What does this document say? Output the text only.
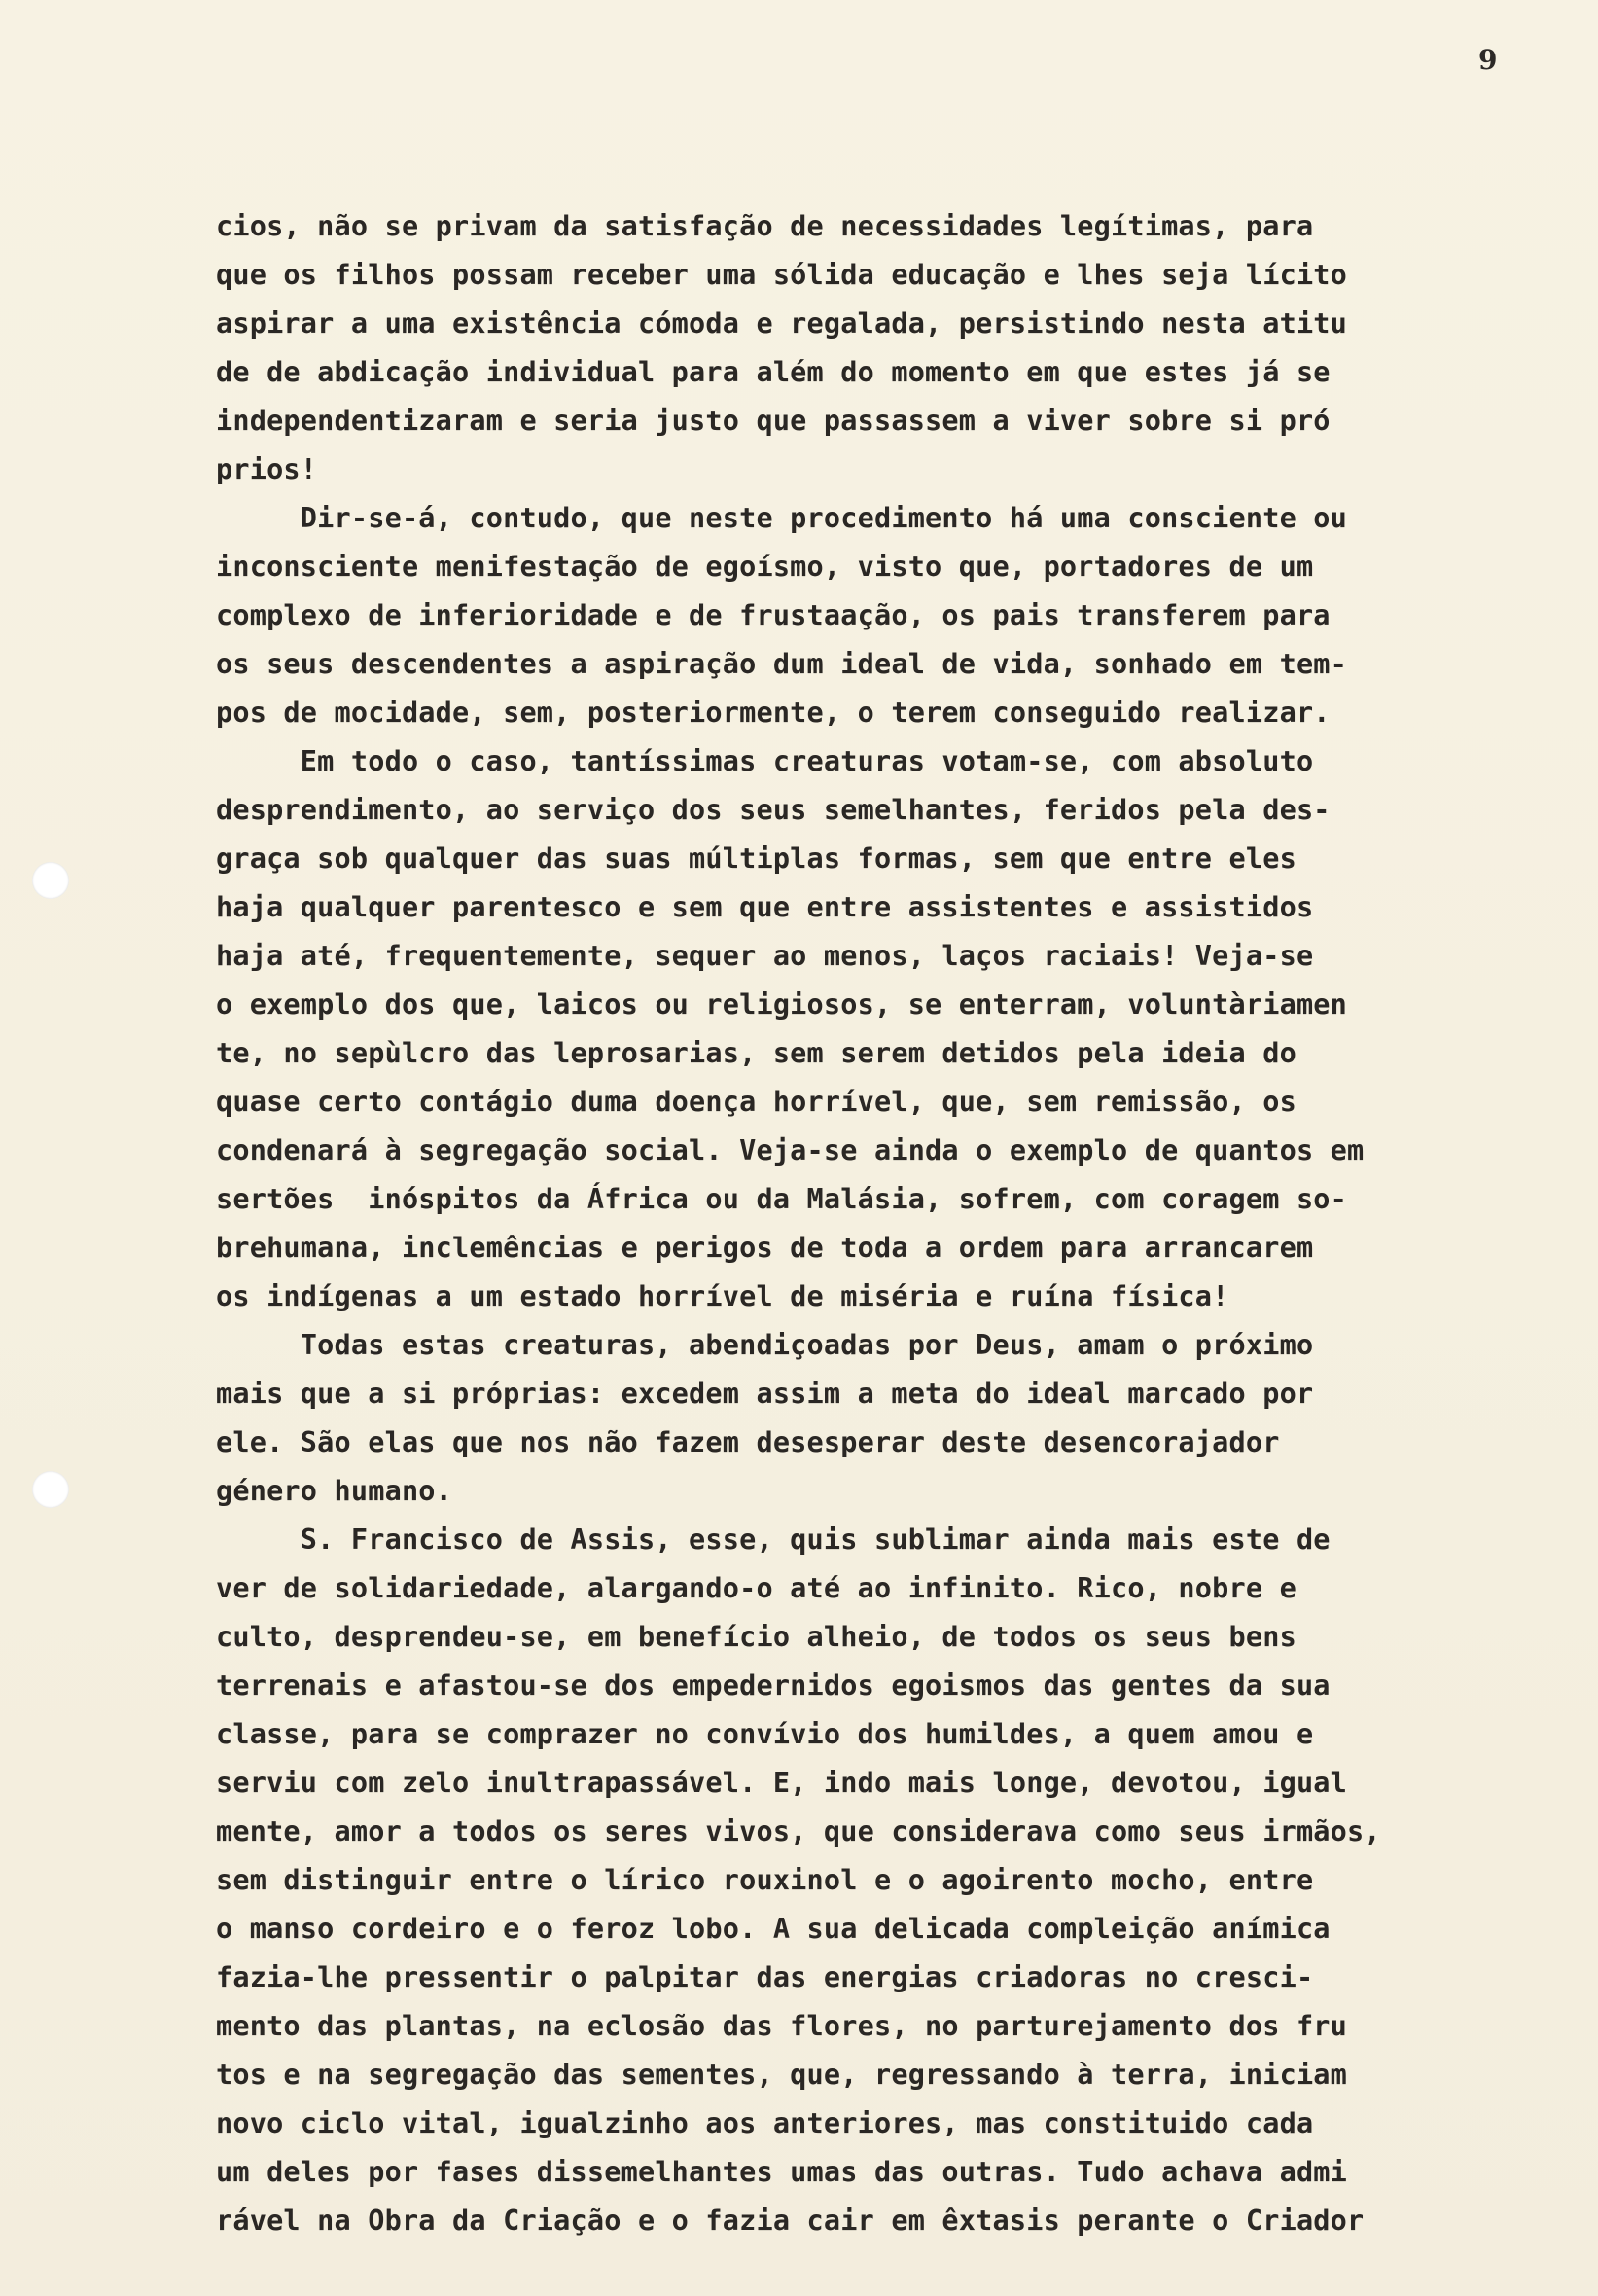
9
cios, não se privam da satisfação de necessidades legítimas, para
que os filhos possam receber uma sólida educação e lhes seja lícito
aspirar a uma existência cómoda e regalada, persistindo nesta atitu
de de abdicação individual para além do momento em que estes já se
independentizaram e seria justo que passassem a viver sobre si pró
prios!
Dir-se-á, contudo, que neste procedimento há uma consciente ou
inconsciente menifestação de egoísmo, visto que, portadores de um
complexo de inferioridade e de frustaação, os pais transferem para
os seus descendentes a aspiração dum ideal de vida, sonhado em tem-
pos de mocidade, sem, posteriormente, o terem conseguido realizar.
Em todo o caso, tantíssimas creaturas votam-se, com absoluto
desprendimento, ao serviço dos seus semelhantes, feridos pela des-
graça sob qualquer das suas múltiplas formas, sem que entre eles
haja qualquer parentesco e sem que entre assistentes e assistidos
haja até, frequentemente, sequer ao menos, laços raciais! Veja-se
o exemplo dos que, laicos ou religiosos, se enterram, voluntàriamen
te, no sepùlcro das leprosarias, sem serem detidos pela ideia do
quase certo contágio duma doença horrível, que, sem remissão, os
condenará à segregação social. Veja-se ainda o exemplo de quantos em
sertões  inóspitos da África ou da Malásia, sofrem, com coragem so-
brehumana, inclemências e perigos de toda a ordem para arrancarem
os indígenas a um estado horrível de miséria e ruína física!
Todas estas creaturas, abendiçoadas por Deus, amam o próximo
mais que a si próprias: excedem assim a meta do ideal marcado por
ele. São elas que nos não fazem desesperar deste desencorajador
género humano.
S. Francisco de Assis, esse, quis sublimar ainda mais este de
ver de solidariedade, alargando-o até ao infinito. Rico, nobre e
culto, desprendeu-se, em benefício alheio, de todos os seus bens
terrenais e afastou-se dos empedernidos egoismos das gentes da sua
classe, para se comprazer no convívio dos humildes, a quem amou e
serviu com zelo inultrapassável. E, indo mais longe, devotou, igual
mente, amor a todos os seres vivos, que considerava como seus irmãos,
sem distinguir entre o lírico rouxinol e o agoirento mocho, entre
o manso cordeiro e o feroz lobo. A sua delicada compleição anímica
fazia-lhe pressentir o palpitar das energias criadoras no cresci-
mento das plantas, na eclosão das flores, no parturejamento dos fru
tos e na segregação das sementes, que, regressando à terra, iniciam
novo ciclo vital, igualzinho aos anteriores, mas constituido cada
um deles por fases dissemelhantes umas das outras. Tudo achava admi
rável na Obra da Criação e o fazia cair em êxtasis perante o Criador
